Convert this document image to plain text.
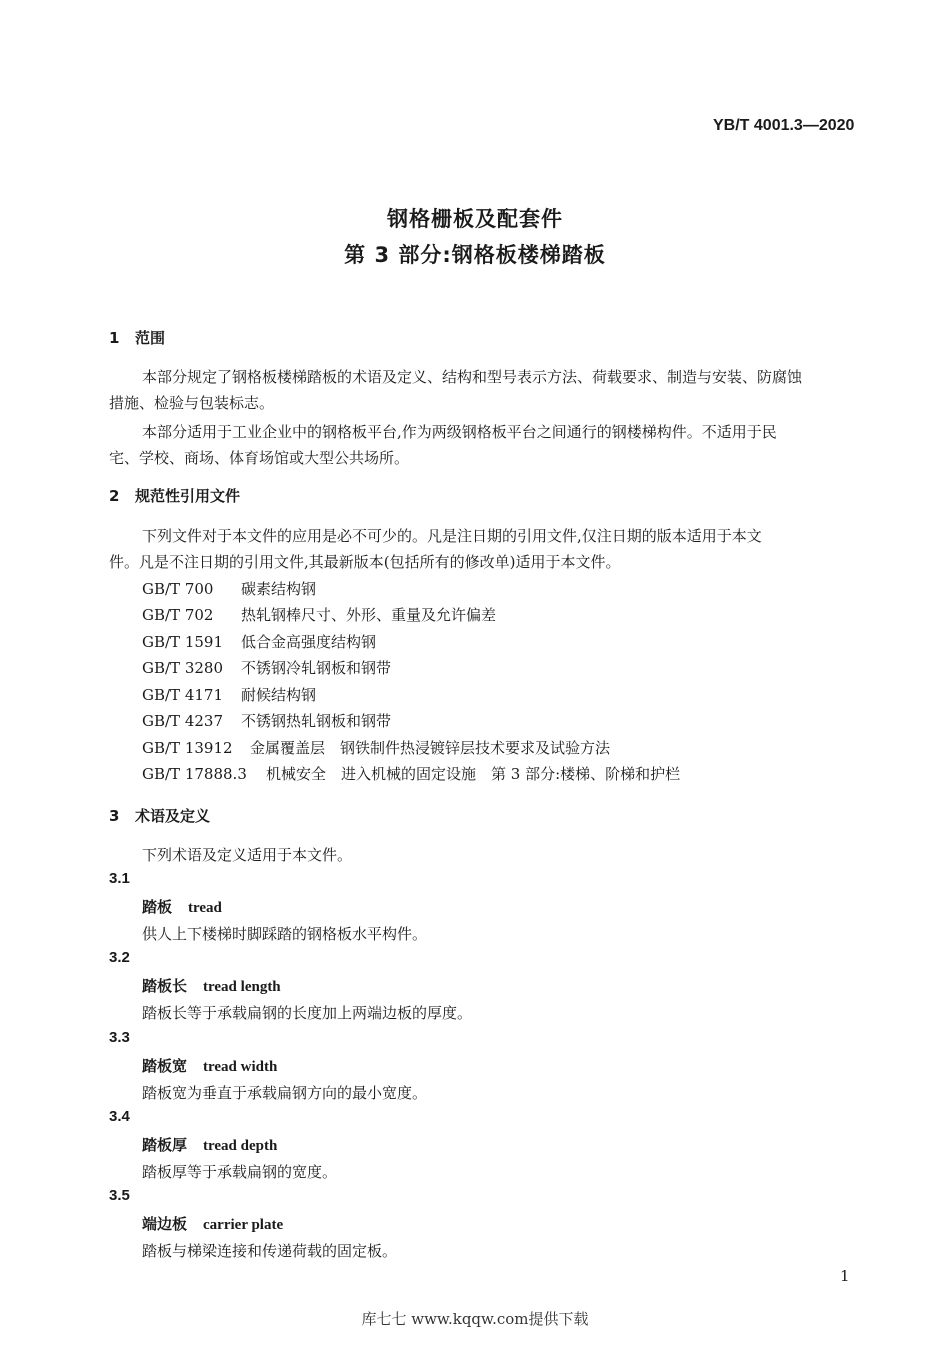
YB/T 4001.3—2020
钢格栅板及配套件
第 3 部分:钢格板楼梯踏板
1 范围
本部分规定了钢格板楼梯踏板的术语及定义、结构和型号表示方法、荷载要求、制造与安装、防腐蚀
措施、检验与包装标志。
本部分适用于工业企业中的钢格板平台,作为两级钢格板平台之间通行的钢楼梯构件。不适用于民
宅、学校、商场、体育场馆或大型公共场所。
2 规范性引用文件
下列文件对于本文件的应用是必不可少的。凡是注日期的引用文件,仅注日期的版本适用于本文
件。凡是不注日期的引用文件,其最新版本(包括所有的修改单)适用于本文件。
GB/T 700 碳素结构钢
GB/T 702 热轧钢棒尺寸、外形、重量及允许偏差
GB/T 1591 低合金高强度结构钢
GB/T 3280 不锈钢冷轧钢板和钢带
GB/T 4171 耐候结构钢
GB/T 4237 不锈钢热轧钢板和钢带
GB/T 13912 金属覆盖层　钢铁制件热浸镀锌层技术要求及试验方法
GB/T 17888.3 机械安全　进入机械的固定设施　第 3 部分:楼梯、阶梯和护栏
3 术语及定义
下列术语及定义适用于本文件。
3.1
踏板 tread
供人上下楼梯时脚踩踏的钢格板水平构件。
3.2
踏板长 tread length
踏板长等于承载扁钢的长度加上两端边板的厚度。
3.3
踏板宽 tread width
踏板宽为垂直于承载扁钢方向的最小宽度。
3.4
踏板厚 tread depth
踏板厚等于承载扁钢的宽度。
3.5
端边板 carrier plate
踏板与梯梁连接和传递荷载的固定板。
1
库七七 www.kqqw.com提供下载
